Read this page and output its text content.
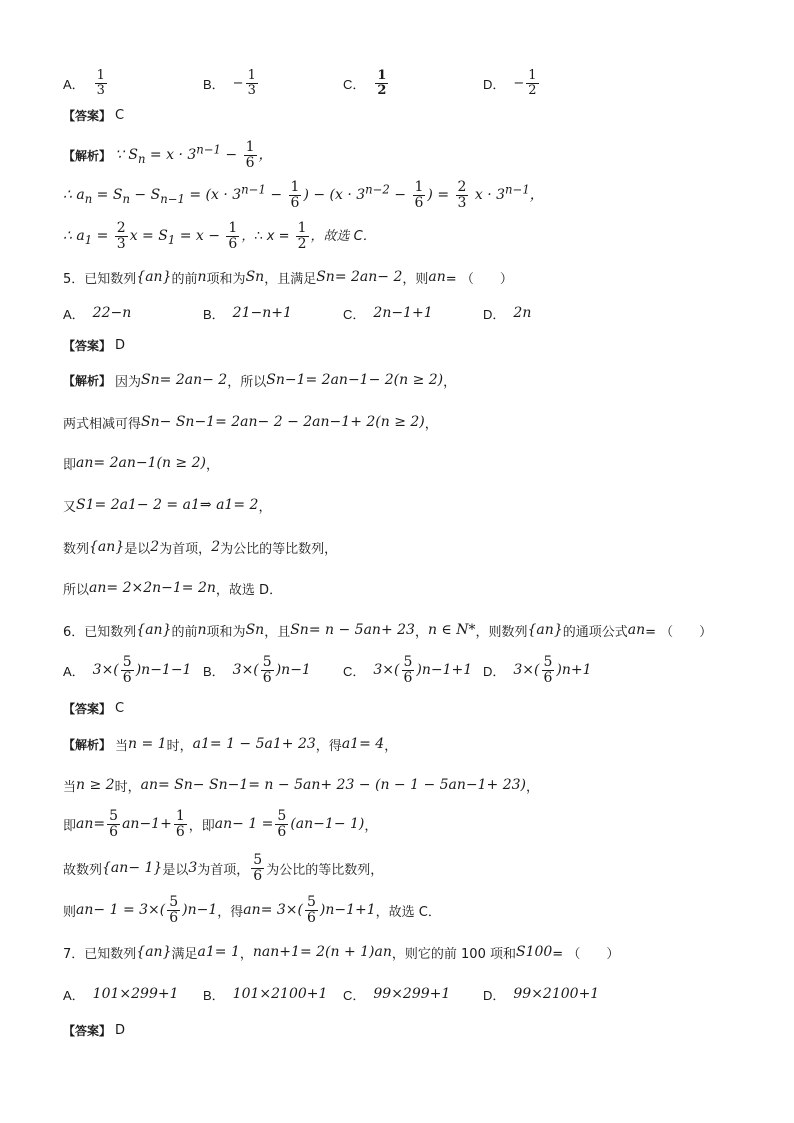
A． $\frac{1}{3}$	B． − $\frac{1}{3}$	C． $\frac{1}{2}$	D． − $\frac{1}{2}$
【答案】 C
【解析】 ∵ $S_n = x \cdot 3^{n-1} - \frac{1}{6}$ ，
∴ $a_n = S_n - S_{n-1} = (x \cdot 3^{n-1} - \frac{1}{6}$ ) − ($x \cdot 3^{n-2} - \frac{1}{6}$ ) = $\frac{2}{3}$ $x \cdot 3^{n-1}$，
∴ $a_1 = \frac{2}{3}$ $x = S_1 = x - \frac{1}{6}$ ，∴ $x = \frac{1}{2}$ ，故选 C．
5．已知数列 {a n } 的前 n 项和为 S n ，且满足 S n = 2a n − 2 ，则 a n = （　　）
A． 2 2−n	B． 2 1−n +1	C． 2 n−1 +1	D． 2 n
【答案】 D
【解析】 因为 S n = 2a n − 2 ，所以 S n−1 = 2a n−1 − 2(n ≥ 2) ，
两式相减可得 S n − S n−1 = 2a n − 2 − 2a n−1 + 2(n ≥ 2) ，
即 a n = 2a n−1 (n ≥ 2) ，
又 S 1 = 2a 1 − 2 = a 1 ⇒ a 1 = 2 ，
数列 {a n } 是以 2 为首项， 2 为公比的等比数列，
所以 a n = 2×2 n−1 = 2 n ，故选 D．
6．已知数列 {a n } 的前 n 项和为 S n ，且 S n = n − 5a n + 23 ， n ∈ N* ，则数列 {a n } 的通项公式 a n = （　　）
A． $3\times( \frac{5}{6}$ ) n−1 −1 B． $3\times( \frac{5}{6}$ ) n −1 C． $3\times( \frac{5}{6}$ ) n−1 +1 D． $3\times( \frac{5}{6}$ ) n +1
【答案】 C
【解析】 当 n = 1 时， a 1 = 1 − 5a 1 + 23 ，得 a 1 = 4 ，
当 n ≥ 2 时， a n = S n − S n−1 = n − 5a n + 23 − (n − 1 − 5a n−1 + 23) ，
即 a $n = \frac{5}{6}$ a $n-1 + \frac{1}{6}$ ，即 a $n - 1 = \frac{5}{6} (a$ n−1 − 1) ，
故数列 {a n − 1} 是以 3 为首项， $\frac{5}{6}$ 为公比的等比数列，
则 a $n - 1 = 3\times( \frac{5}{6}$ ) n−1 ，得 a $n = 3\times( \frac{5}{6}$ ) n−1 +1 ，故选 C．
7．已知数列 {a n } 满足 a 1 = 1 ， na n+1 = 2(n + 1)a n ，则它的前 100 项和 S 100 = （　　）
A． 101×2 99 +1 B． 101×2 100 +1 C． 99×2 99 +1	D． 99×2 100 +1
【答案】 D
